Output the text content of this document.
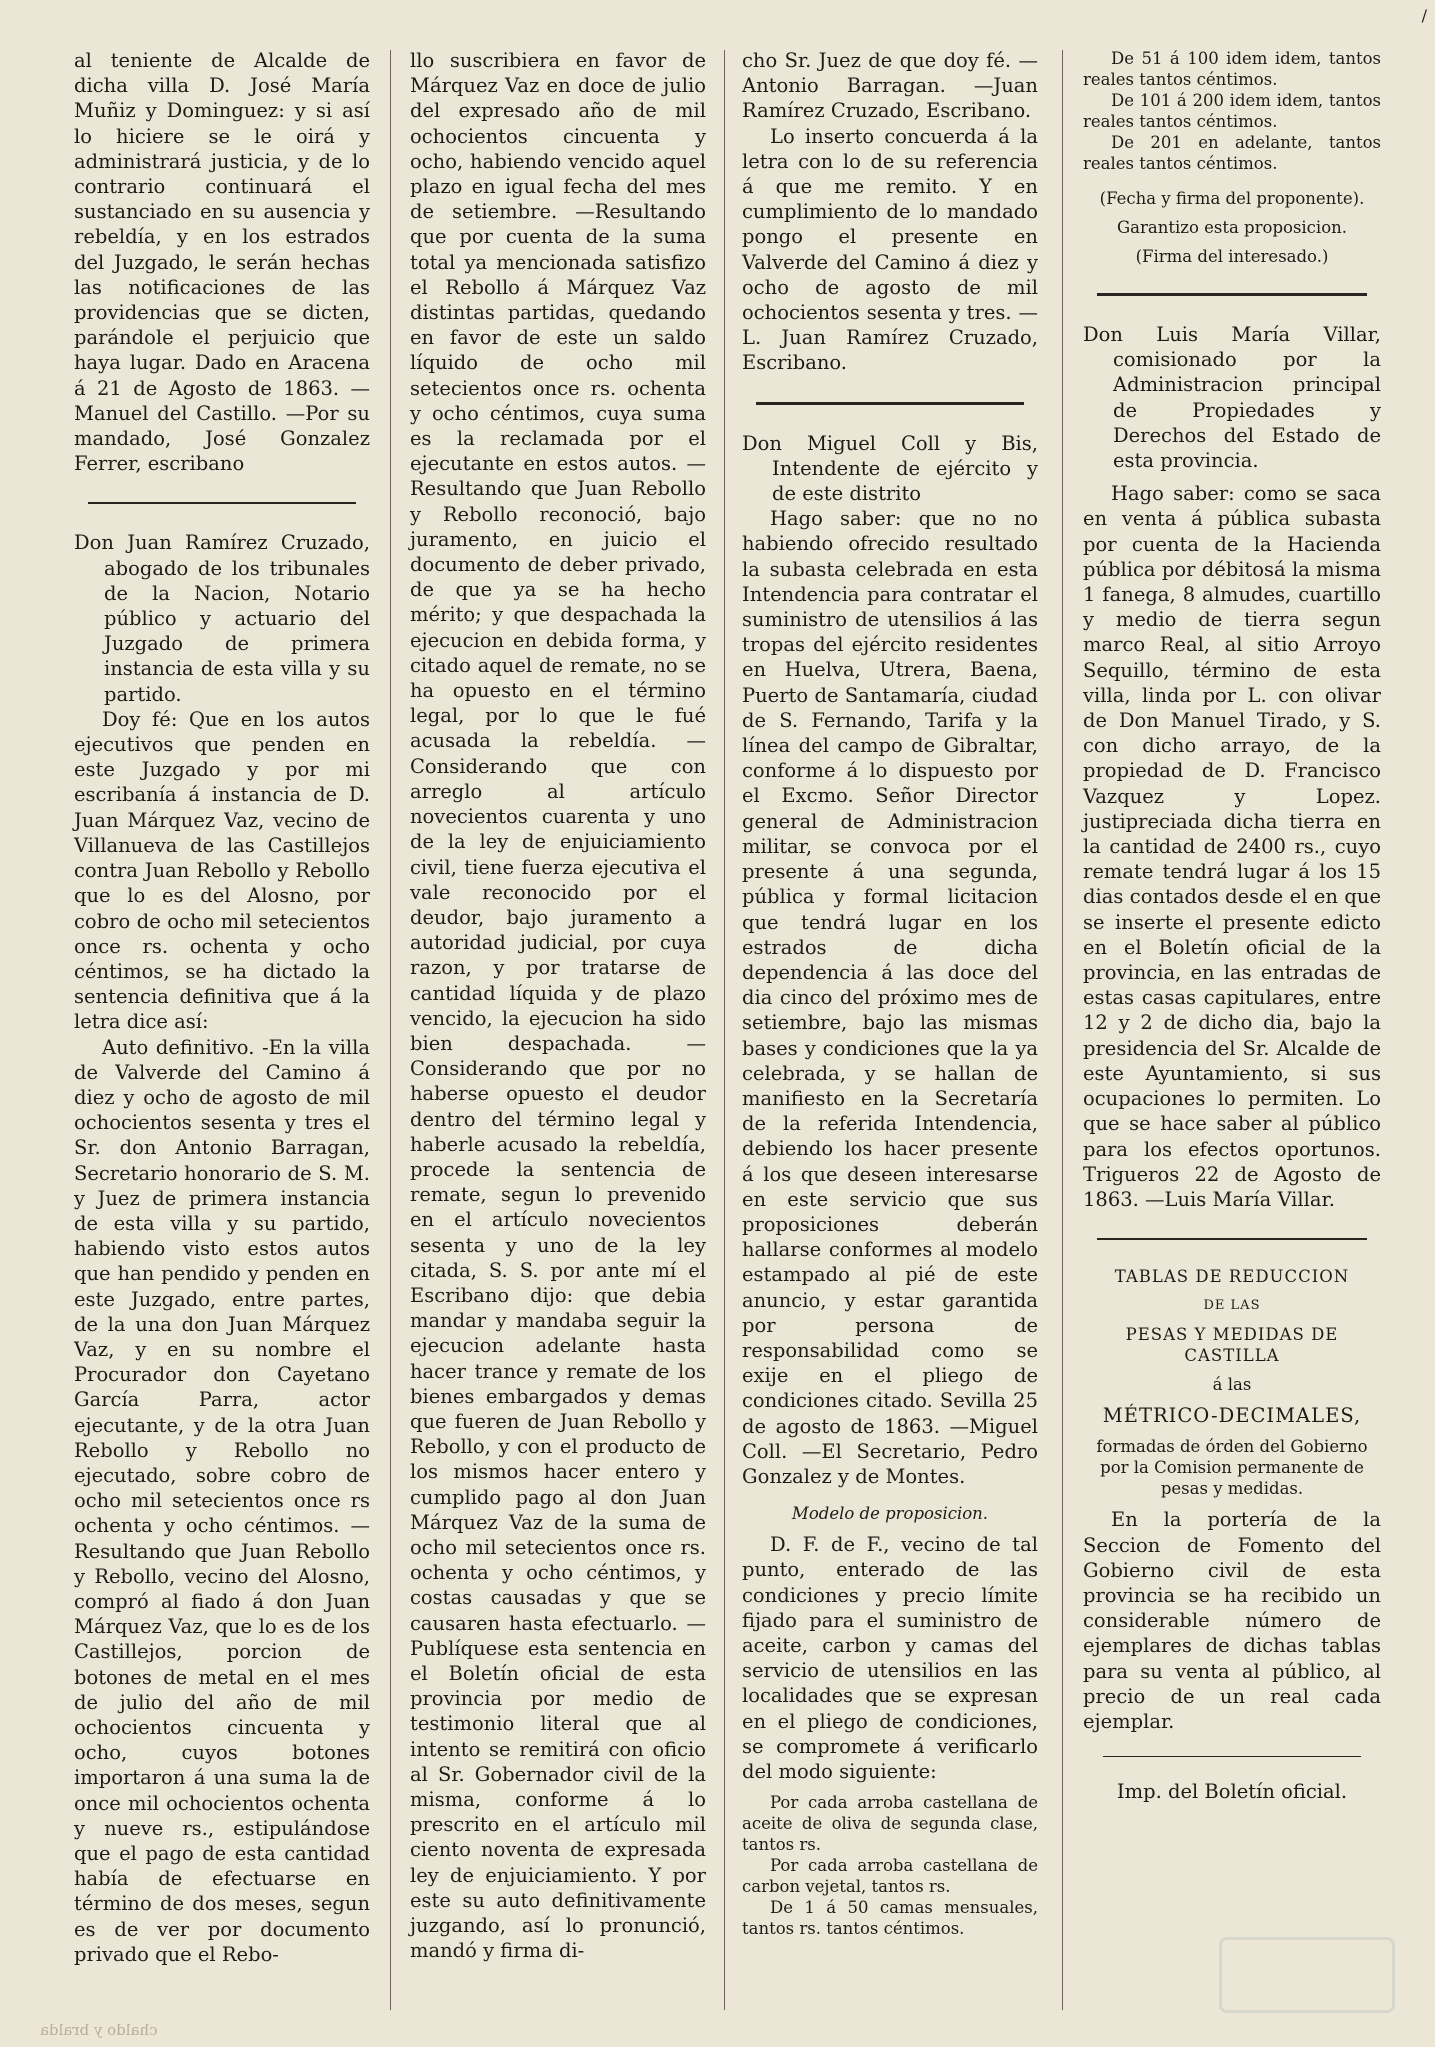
/

al teniente de Alcalde de dicha villa D. José María Muñiz y Dominguez: y si así lo hiciere se le oirá y administrará justicia, y de lo contrario continuará el sustanciado en su ausencia y rebeldía, y en los estrados del Juzgado, le serán hechas las notificaciones de las providencias que se dicten, parándole el perjuicio que haya lugar. Dado en Aracena á 21 de Agosto de 1863. —Manuel del Castillo. —Por su mandado, José Gonzalez Ferrer, escribano

Don Juan Ramírez Cruzado, abogado de los tribunales de la Nacion, Notario público y actuario del Juzgado de primera instancia de esta villa y su partido.

Doy fé: Que en los autos ejecutivos que penden en este Juzgado y por mi escribanía á instancia de D. Juan Márquez Vaz, vecino de Villanueva de las Castillejos contra Juan Rebollo y Rebollo que lo es del Alosno, por cobro de ocho mil setecientos once rs. ochenta y ocho céntimos, se ha dictado la sentencia definitiva que á la letra dice así:

Auto definitivo. -En la villa de Valverde del Camino á diez y ocho de agosto de mil ochocientos sesenta y tres el Sr. don Antonio Barragan, Secretario honorario de S. M. y Juez de primera instancia de esta villa y su partido, habiendo visto estos autos que han pendido y penden en este Juzgado, entre partes, de la una don Juan Márquez Vaz, y en su nombre el Procurador don Cayetano García Parra, actor ejecutante, y de la otra Juan Rebollo y Rebollo no ejecutado, sobre cobro de ocho mil setecientos once rs ochenta y ocho céntimos. —Resultando que Juan Rebollo y Rebollo, vecino del Alosno, compró al fiado á don Juan Márquez Vaz, que lo es de los Castillejos, porcion de botones de metal en el mes de julio del año de mil ochocientos cincuenta y ocho, cuyos botones importaron á una suma la de once mil ochocientos ochenta y nueve rs., estipulándose que el pago de esta cantidad había de efectuarse en término de dos meses, segun es de ver por documento privado que el Rebo-

llo suscribiera en favor de Márquez Vaz en doce de julio del expresado año de mil ochocientos cincuenta y ocho, habiendo vencido aquel plazo en igual fecha del mes de setiembre. —Resultando que por cuenta de la suma total ya mencionada satisfizo el Rebollo á Márquez Vaz distintas partidas, quedando en favor de este un saldo líquido de ocho mil setecientos once rs. ochenta y ocho céntimos, cuya suma es la reclamada por el ejecutante en estos autos. —Resultando que Juan Rebollo y Rebollo reconoció, bajo juramento, en juicio el documento de deber privado, de que ya se ha hecho mérito; y que despachada la ejecucion en debida forma, y citado aquel de remate, no se ha opuesto en el término legal, por lo que le fué acusada la rebeldía. —Considerando que con arreglo al artículo novecientos cuarenta y uno de la ley de enjuiciamiento civil, tiene fuerza ejecutiva el vale reconocido por el deudor, bajo juramento a autoridad judicial, por cuya razon, y por tratarse de cantidad líquida y de plazo vencido, la ejecucion ha sido bien despachada. —Considerando que por no haberse opuesto el deudor dentro del término legal y haberle acusado la rebeldía, procede la sentencia de remate, segun lo prevenido en el artículo novecientos sesenta y uno de la ley citada, S. S. por ante mí el Escribano dijo: que debia mandar y mandaba seguir la ejecucion adelante hasta hacer trance y remate de los bienes embargados y demas que fueren de Juan Rebollo y Rebollo, y con el producto de los mismos hacer entero y cumplido pago al don Juan Márquez Vaz de la suma de ocho mil setecientos once rs. ochenta y ocho céntimos, y costas causadas y que se causaren hasta efectuarlo. —Publíquese esta sentencia en el Boletín oficial de esta provincia por medio de testimonio literal que al intento se remitirá con oficio al Sr. Gobernador civil de la misma, conforme á lo prescrito en el artículo mil ciento noventa de expresada ley de enjuiciamiento. Y por este su auto definitivamente juzgando, así lo pronunció, mandó y firma di-

cho Sr. Juez de que doy fé. —Antonio Barragan. —Juan Ramírez Cruzado, Escribano.

Lo inserto concuerda á la letra con lo de su referencia á que me remito. Y en cumplimiento de lo mandado pongo el presente en Valverde del Camino á diez y ocho de agosto de mil ochocientos sesenta y tres. —L. Juan Ramírez Cruzado, Escribano.

Don Miguel Coll y Bis, Intendente de ejército y de este distrito

Hago saber: que no no habiendo ofrecido resultado la subasta celebrada en esta Intendencia para contratar el suministro de utensilios á las tropas del ejército residentes en Huelva, Utrera, Baena, Puerto de Santamaría, ciudad de S. Fernando, Tarifa y la línea del campo de Gibraltar, conforme á lo dispuesto por el Excmo. Señor Director general de Administracion militar, se convoca por el presente á una segunda, pública y formal licitacion que tendrá lugar en los estrados de dicha dependencia á las doce del dia cinco del próximo mes de setiembre, bajo las mismas bases y condiciones que la ya celebrada, y se hallan de manifiesto en la Secretaría de la referida Intendencia, debiendo los hacer presente á los que deseen interesarse en este servicio que sus proposiciones deberán hallarse conformes al modelo estampado al pié de este anuncio, y estar garantida por persona de responsabilidad como se exije en el pliego de condiciones citado. Sevilla 25 de agosto de 1863. —Miguel Coll. —El Secretario, Pedro Gonzalez y de Montes.

Modelo de proposicion.

D. F. de F., vecino de tal punto, enterado de las condiciones y precio límite fijado para el suministro de aceite, carbon y camas del servicio de utensilios en las localidades que se expresan en el pliego de condiciones, se compromete á verificarlo del modo siguiente:

Por cada arroba castellana de aceite de oliva de segunda clase, tantos rs.

Por cada arroba castellana de carbon vejetal, tantos rs.

De 1 á 50 camas mensuales, tantos rs. tantos céntimos.

De 51 á 100 idem idem, tantos reales tantos céntimos.

De 101 á 200 idem idem, tantos reales tantos céntimos.

De 201 en adelante, tantos reales tantos céntimos.

(Fecha y firma del proponente).

Garantizo esta proposicion.

(Firma del interesado.)

Don Luis María Villar, comisionado por la Administracion principal de Propiedades y Derechos del Estado de esta provincia.

Hago saber: como se saca en venta á pública subasta por cuenta de la Hacienda pública por débitosá la misma 1 fanega, 8 almudes, cuartillo y medio de tierra segun marco Real, al sitio Arroyo Sequillo, término de esta villa, linda por L. con olivar de Don Manuel Tirado, y S. con dicho arrayo, de la propiedad de D. Francisco Vazquez y Lopez. justipreciada dicha tierra en la cantidad de 2400 rs., cuyo remate tendrá lugar á los 15 dias contados desde el en que se inserte el presente edicto en el Boletín oficial de la provincia, en las entradas de estas casas capitulares, entre 12 y 2 de dicho dia, bajo la presidencia del Sr. Alcalde de este Ayuntamiento, si sus ocupaciones lo permiten. Lo que se hace saber al público para los efectos oportunos. Trigueros 22 de Agosto de 1863. —Luis María Villar.

TABLAS DE REDUCCION

DE LAS

PESAS Y MEDIDAS DE CASTILLA

á las

MÉTRICO-DECIMALES,

formadas de órden del Gobierno por la Comision permanente de pesas y medidas.

En la portería de la Seccion de Fomento del Gobierno civil de esta provincia se ha recibido un considerable número de ejemplares de dichas tablas para su venta al público, al precio de un real cada ejemplar.

Imp. del Boletín oficial.

chaldo y bralda
